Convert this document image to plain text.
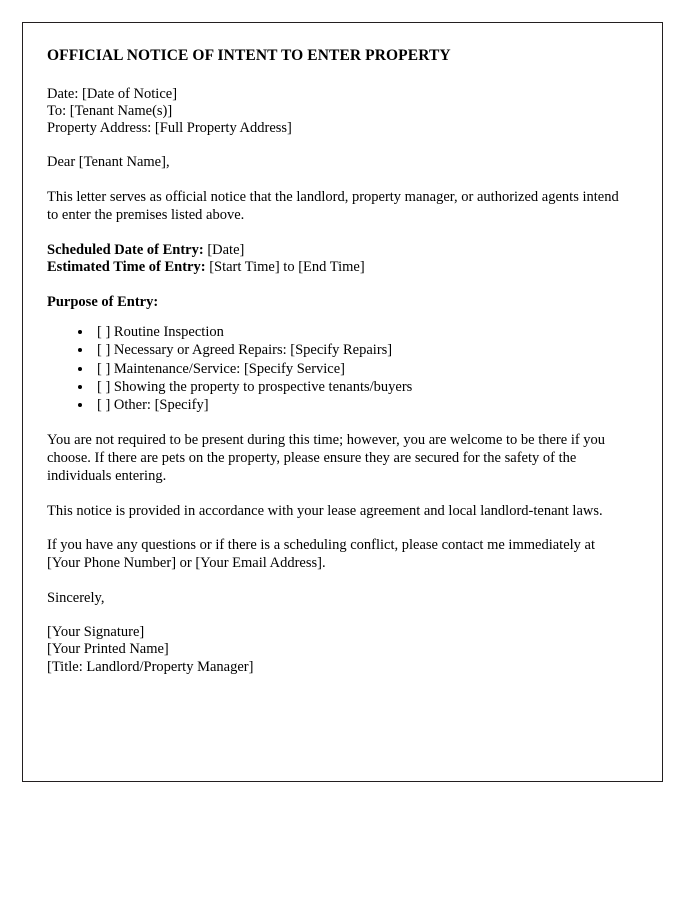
OFFICIAL NOTICE OF INTENT TO ENTER PROPERTY
Date: [Date of Notice]
To: [Tenant Name(s)]
Property Address: [Full Property Address]

Dear [Tenant Name],

This letter serves as official notice that the landlord, property manager, or authorized agents intend to enter the premises listed above.

Scheduled Date of Entry: [Date]
Estimated Time of Entry: [Start Time] to [End Time]
Purpose of Entry:
• [ ] Routine Inspection
• [ ] Necessary or Agreed Repairs: [Specify Repairs]
• [ ] Maintenance/Service: [Specify Service]
• [ ] Showing the property to prospective tenants/buyers
• [ ] Other: [Specify]

You are not required to be present during this time; however, you are welcome to be there if you choose. If there are pets on the property, please ensure they are secured for the safety of the individuals entering.

This notice is provided in accordance with your lease agreement and local landlord-tenant laws.

If you have any questions or if there is a scheduling conflict, please contact me immediately at [Your Phone Number] or [Your Email Address].

Sincerely,
[Your Signature]
[Your Printed Name]
[Title: Landlord/Property Manager]
